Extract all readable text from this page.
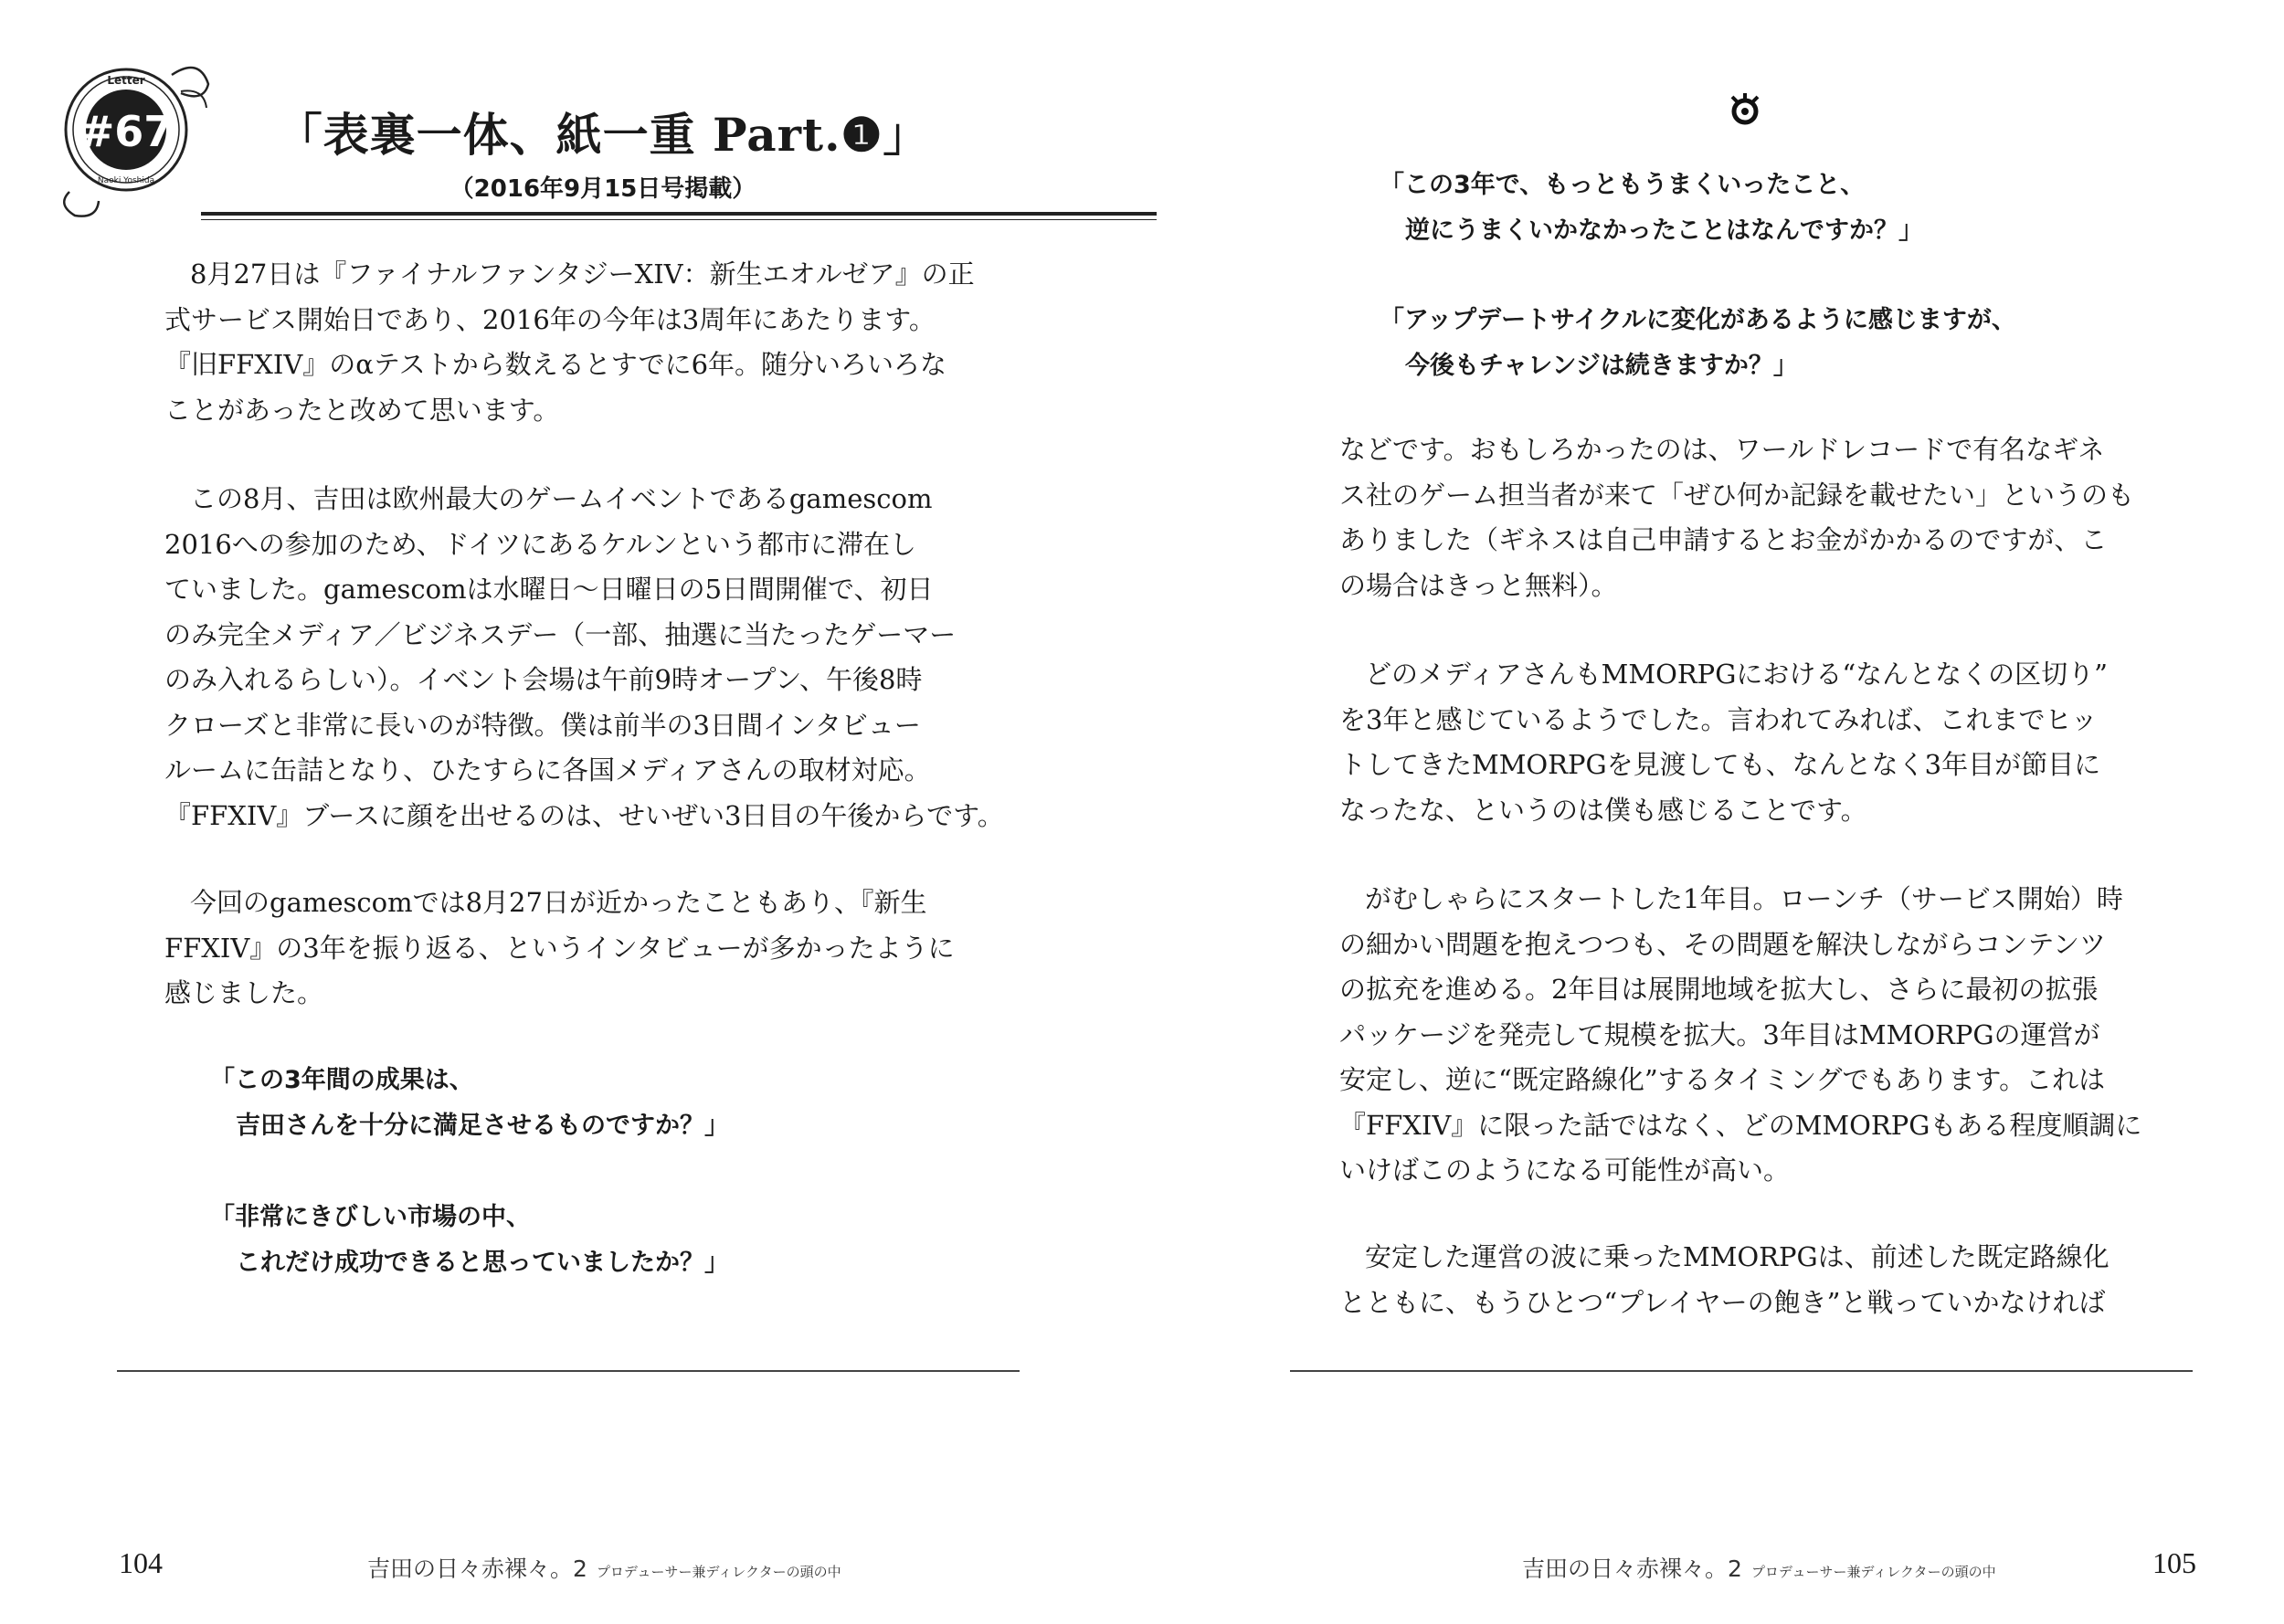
#67
Letter
Naoki Yoshida
「表裏一体、紙一重 Part.❶」
（2016年9月15日号掲載）

8月27日は『ファイナルファンタジーXIV：新生エオルゼア』の正

式サービス開始日であり、2016年の今年は3周年にあたります。

『旧FFXIV』のαテストから数えるとすでに6年。随分いろいろな

ことがあったと改めて思います。

この8月、吉田は欧州最大のゲームイベントであるgamescom

2016への参加のため、ドイツにあるケルンという都市に滞在し

ていました。gamescomは水曜日〜日曜日の5日間開催で、初日

のみ完全メディア／ビジネスデー（一部、抽選に当たったゲーマー

のみ入れるらしい）。イベント会場は午前9時オープン、午後8時

クローズと非常に長いのが特徴。僕は前半の3日間インタビュー

ルームに缶詰となり、ひたすらに各国メディアさんの取材対応。

『FFXIV』ブースに顔を出せるのは、せいぜい3日目の午後からです。

今回のgamescomでは8月27日が近かったこともあり、『新生

FFXIV』の3年を振り返る、というインタビューが多かったように

感じました。

「この3年間の成果は、

吉田さんを十分に満足させるものですか？」

「非常にきびしい市場の中、

これだけ成功できると思っていましたか？」

104	吉田の日々赤裸々。2 プロデューサー兼ディレクターの頭の中

「この3年で、もっともうまくいったこと、

逆にうまくいかなかったことはなんですか？」

「アップデートサイクルに変化があるように感じますが、

今後もチャレンジは続きますか？」

などです。おもしろかったのは、ワールドレコードで有名なギネ

ス社のゲーム担当者が来て「ぜひ何か記録を載せたい」というのも

ありました（ギネスは自己申請するとお金がかかるのですが、こ

の場合はきっと無料）。

どのメディアさんもMMORPGにおける“なんとなくの区切り”

を3年と感じているようでした。言われてみれば、これまでヒッ

トしてきたMMORPGを見渡しても、なんとなく3年目が節目に

なったな、というのは僕も感じることです。

がむしゃらにスタートした1年目。ローンチ（サービス開始）時

の細かい問題を抱えつつも、その問題を解決しながらコンテンツ

の拡充を進める。2年目は展開地域を拡大し、さらに最初の拡張

パッケージを発売して規模を拡大。3年目はMMORPGの運営が

安定し、逆に“既定路線化”するタイミングでもあります。これは

『FFXIV』に限った話ではなく、どのMMORPGもある程度順調に

いけばこのようになる可能性が高い。

安定した運営の波に乗ったMMORPGは、前述した既定路線化

とともに、もうひとつ“プレイヤーの飽き”と戦っていかなければ

吉田の日々赤裸々。2 プロデューサー兼ディレクターの頭の中	105
